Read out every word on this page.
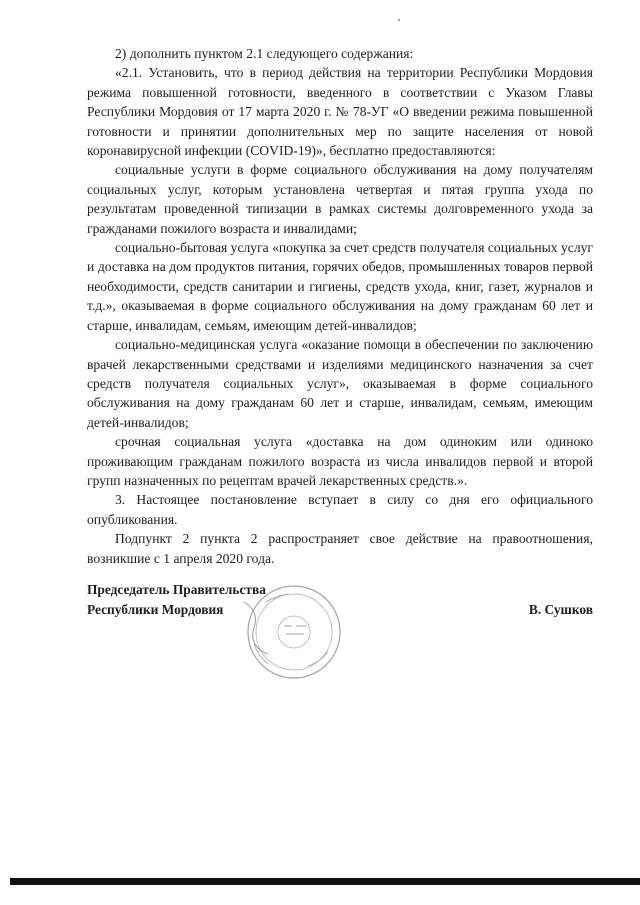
2) дополнить пунктом 2.1 следующего содержания:

«2.1. Установить, что в период действия на территории Республики Мордовия режима повышенной готовности, введенного в соответствии с Указом Главы Республики Мордовия от 17 марта 2020 г. № 78-УГ «О введении режима повышенной готовности и принятии дополнительных мер по защите населения от новой коронавирусной инфекции (COVID-19)», бесплатно предоставляются:

социальные услуги в форме социального обслуживания на дому получателям социальных услуг, которым установлена четвертая и пятая группа ухода по результатам проведенной типизации в рамках системы долговременного ухода за гражданами пожилого возраста и инвалидами;

социально-бытовая услуга «покупка за счет средств получателя социальных услуг и доставка на дом продуктов питания, горячих обедов, промышленных товаров первой необходимости, средств санитарии и гигиены, средств ухода, книг, газет, журналов и т.д.», оказываемая в форме социального обслуживания на дому гражданам 60 лет и старше, инвалидам, семьям, имеющим детей-инвалидов;

социально-медицинская услуга «оказание помощи в обеспечении по заключению врачей лекарственными средствами и изделиями медицинского назначения за счет средств получателя социальных услуг», оказываемая в форме социального обслуживания на дому гражданам 60 лет и старше, инвалидам, семьям, имеющим детей-инвалидов;

срочная социальная услуга «доставка на дом одиноким или одиноко проживающим гражданам пожилого возраста из числа инвалидов первой и второй групп назначенных по рецептам врачей лекарственных средств.».

3. Настоящее постановление вступает в силу со дня его официального опубликования.

Подпункт 2 пункта 2 распространяет свое действие на правоотношения, возникшие с 1 апреля 2020 года.

Председатель Правительства
Республики Мордовия	В. Сушков
